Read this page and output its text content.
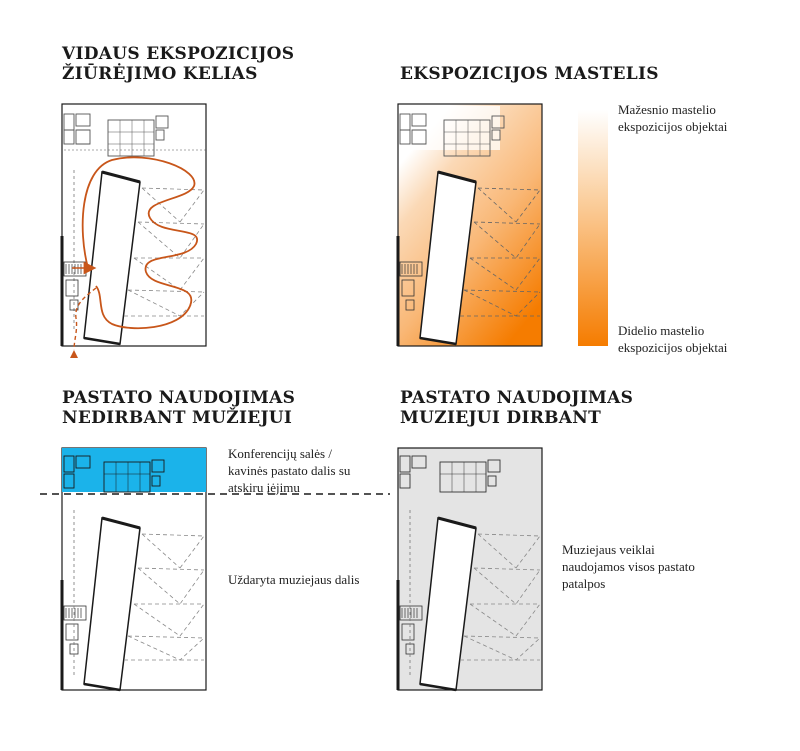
VIDAUS EKSPOZICIJOS
ŽIŪRĖJIMO KELIAS	EKSPOZICIJOS MASTELIS
PASTATO NAUDOJIMAS
NEDIRBANT MUŽIEJUI
PASTATO NAUDOJIMAS
MUZIEJUI DIRBANT
Mažesnio mastelio
ekspozicijos objektai
Didelio mastelio
ekspozicijos objektai
Konferencijų salės /
kavinės pastato dalis su
atskiru įėjimu
Uždaryta muziejaus dalis
Muziejaus veiklai
naudojamos visos pastato
patalpos
